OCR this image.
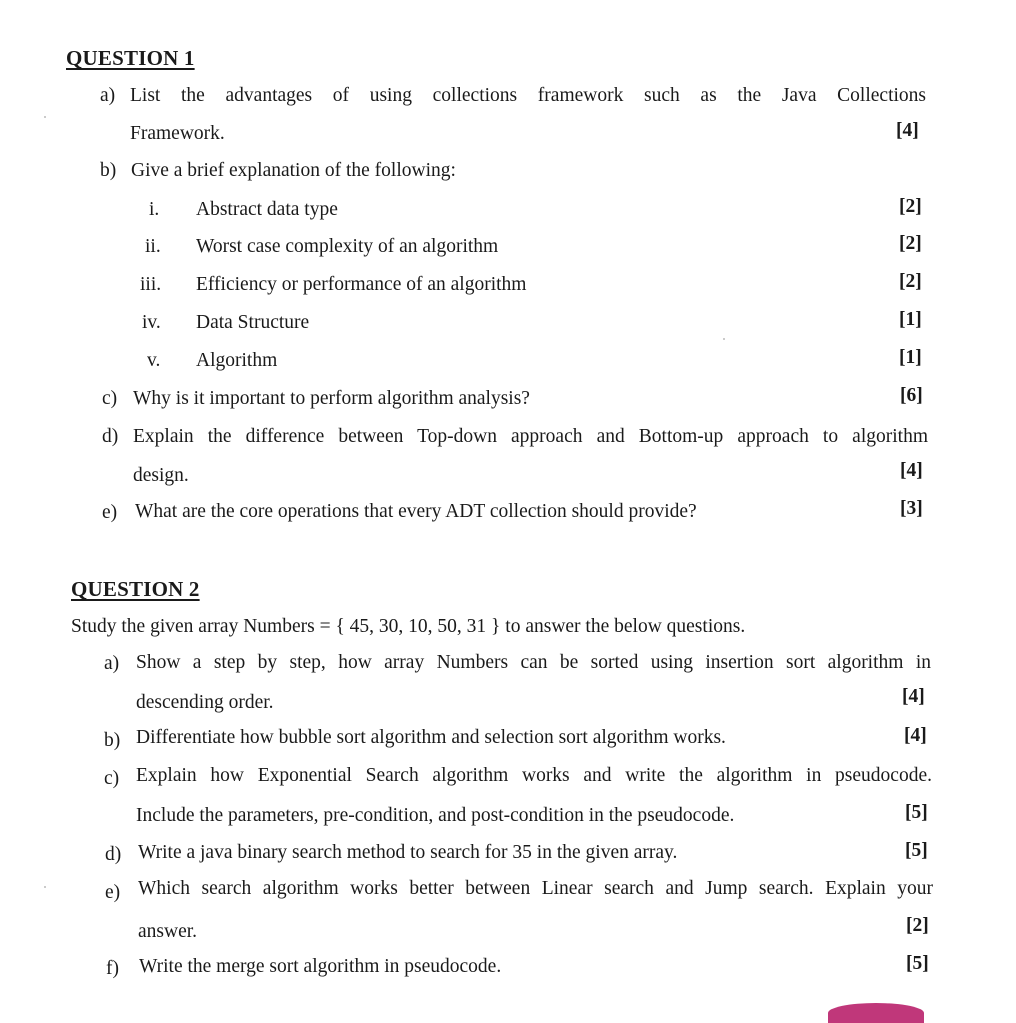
QUESTION 1
a) List the advantages of using collections framework such as the Java Collections
Framework.	[4]
b) Give a brief explanation of the following:
i. Abstract data type	[2]
ii. Worst case complexity of an algorithm	[2]
iii. Efficiency or performance of an algorithm	[2]
iv. Data Structure	[1]
v. Algorithm	[1]
c) Why is it important to perform algorithm analysis?	[6]
d) Explain the difference between Top-down approach and Bottom-up approach to algorithm
design.	[4]
e) What are the core operations that every ADT collection should provide?	[3]
QUESTION 2
Study the given array Numbers = { 45, 30, 10, 50, 31 } to answer the below questions.
a) Show a step by step, how array Numbers can be sorted using insertion sort algorithm in
descending order.	[4]
b) Differentiate how bubble sort algorithm and selection sort algorithm works.	[4]
c) Explain how Exponential Search algorithm works and write the algorithm in pseudocode.
Include the parameters, pre-condition, and post-condition in the pseudocode.	[5]
d) Write a java binary search method to search for 35 in the given array.	[5]
e) Which search algorithm works better between Linear search and Jump search. Explain your
answer.	[2]
f) Write the merge sort algorithm in pseudocode.	[5]
